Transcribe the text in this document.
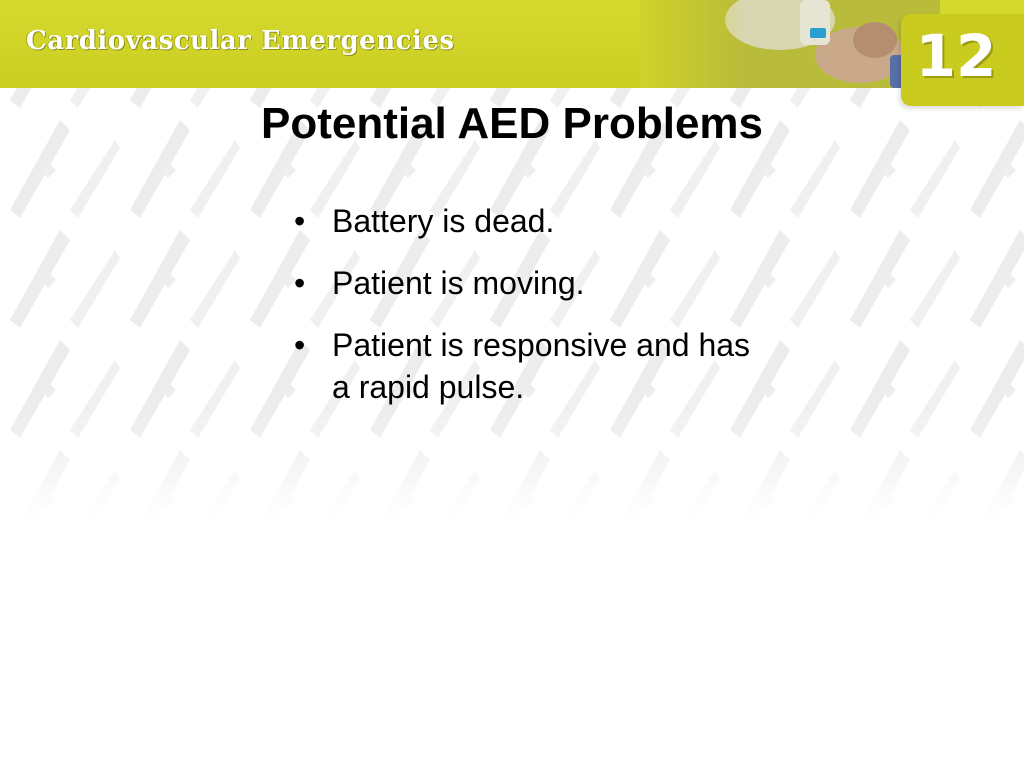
Cardiovascular Emergencies	12
Potential AED Problems
• Battery is dead.
• Patient is moving.
• Patient is responsive and has a rapid pulse.
